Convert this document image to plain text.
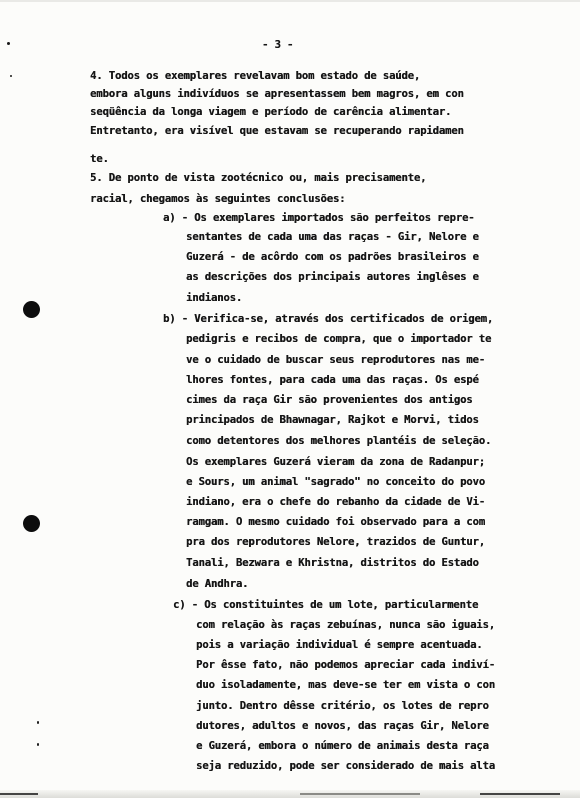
- 3 -
4. Todos os exemplares revelavam bom estado de saúde,
embora alguns indivíduos se apresentassem bem magros, em con
seqüência da longa viagem e período de carência alimentar.
Entretanto, era visível que estavam se recuperando rapidamen
te.
5. De ponto de vista zootécnico ou, mais precisamente,
racial, chegamos às seguintes conclusões:
a) - Os exemplares importados são perfeitos repre-
sentantes de cada uma das raças - Gir, Nelore e
Guzerá - de acôrdo com os padrões brasileiros e
as descrições dos principais autores inglêses e
indianos.
b) - Verifica-se, através dos certificados de origem,
pedigris e recibos de compra, que o importador te
ve o cuidado de buscar seus reprodutores nas me-
lhores fontes, para cada uma das raças. Os espé
cimes da raça Gir são provenientes dos antigos
principados de Bhawnagar, Rajkot e Morvi, tidos
como detentores dos melhores plantéis de seleção.
Os exemplares Guzerá vieram da zona de Radanpur;
e Sours, um animal "sagrado" no conceito do povo
indiano, era o chefe do rebanho da cidade de Vi-
ramgam. O mesmo cuidado foi observado para a com
pra dos reprodutores Nelore, trazidos de Guntur,
Tanali, Bezwara e Khristna, distritos do Estado
de Andhra.
c) - Os constituintes de um lote, particularmente
com relação às raças zebuínas, nunca são iguais,
pois a variação individual é sempre acentuada.
Por êsse fato, não podemos apreciar cada indiví-
duo isoladamente, mas deve-se ter em vista o con
junto. Dentro dêsse critério, os lotes de repro
dutores, adultos e novos, das raças Gir, Nelore
e Guzerá, embora o número de animais desta raça
seja reduzido, pode ser considerado de mais alta
